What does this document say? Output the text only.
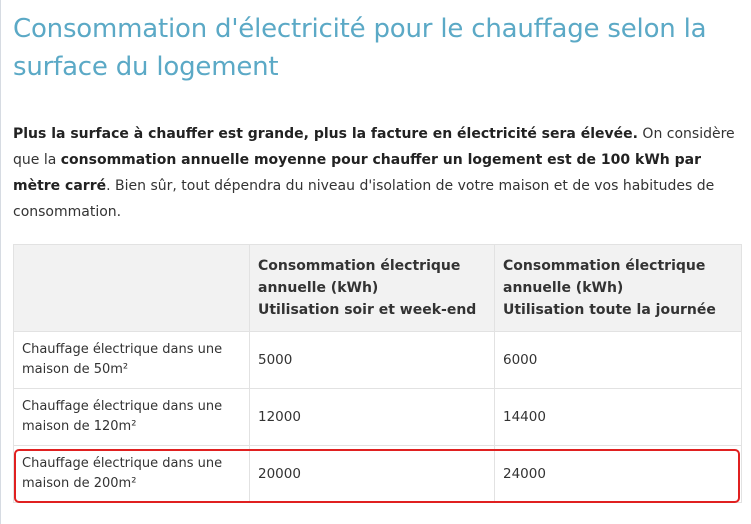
Consommation d'électricité pour le chauffage selon la surface du logement

Plus la surface à chauffer est grande, plus la facture en électricité sera élevée. On considère que la consommation annuelle moyenne pour chauffer un logement est de 100 kWh par mètre carré. Bien sûr, tout dépendra du niveau d'isolation de votre maison et de vos habitudes de consommation.

	Consommation électrique
annuelle (kWh)
Utilisation soir et week-end	Consommation électrique
annuelle (kWh)
Utilisation toute la journée

Chauffage électrique dans une maison de 50m²	5000	6000
Chauffage électrique dans une maison de 120m²	12000	14400
Chauffage électrique dans une maison de 200m²	20000	24000
